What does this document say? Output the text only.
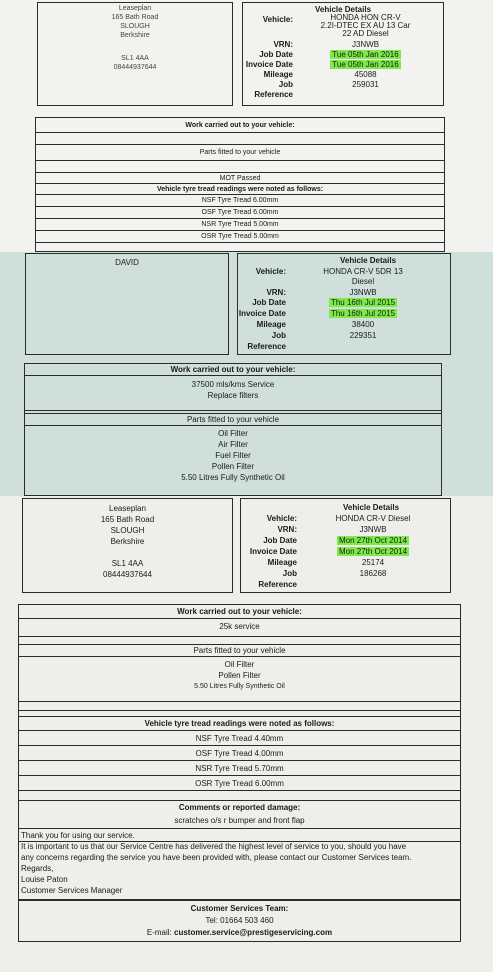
Leaseplan
165 Bath Road
SLOUGH
Berkshire
SL1 4AA
08444937644
Vehicle Details
Vehicle:	HONDA HON CR-V
2.2I-DTEC EX AU 13 Car
22 AD Diesel
VRN:	J3NWB
Job Date	Tue 05th Jan 2016
Invoice Date	Tue 05th Jan 2016
Mileage	45088
Job	259031
Reference
Work carried out to your vehicle:
Parts fitted to your vehicle
MOT Passed
Vehicle tyre tread readings were noted as follows:
NSF Tyre Tread 6.00mm
OSF Tyre Tread 6.00mm
NSR Tyre Tread 5.00mm
OSR Tyre Tread 5.00mm
DAVID	Vehicle Details
Vehicle:	HONDA CR-V 5DR 13
Diesel
VRN:	J3NWB
Job Date	Thu 16th Jul 2015
Invoice Date	Thu 16th Jul 2015
Mileage	38400
Job	229351
Reference
Work carried out to your vehicle:
37500 mls/kms Service
Replace filters
Parts fitted to your vehicle
Oil Filter
Air Filter
Fuel Filter
Pollen Filter
5.50 Litres Fully Synthetic Oil
Leaseplan
165 Bath Road
SLOUGH
Berkshire
SL1 4AA
08444937644
Vehicle Details
Vehicle:	HONDA CR-V Diesel
VRN:	J3NWB
Job Date	Mon 27th Oct 2014
Invoice Date	Mon 27th Oct 2014
Mileage	25174
Job	186268
Reference
Work carried out to your vehicle:
25k service
Parts fitted to your vehicle
Oil Filter
Pollen Filter
5.50 Litres Fully Synthetic Oil
Vehicle tyre tread readings were noted as follows:
NSF Tyre Tread 4.40mm
OSF Tyre Tread 4.00mm
NSR Tyre Tread 5.70mm
OSR Tyre Tread 6.00mm
Comments or reported damage:
scratches o/s r bumper and front flap
Thank you for using our service.
It is important to us that our Service Centre has delivered the highest level of service to you, should you have
any concerns regarding the service you have been provided with, please contact our Customer Services team.
Regards,
Louise Paton
Customer Services Manager
Customer Services Team:
Tel: 01664 503 460
E-mail: customer.service@prestigeservicing.com
